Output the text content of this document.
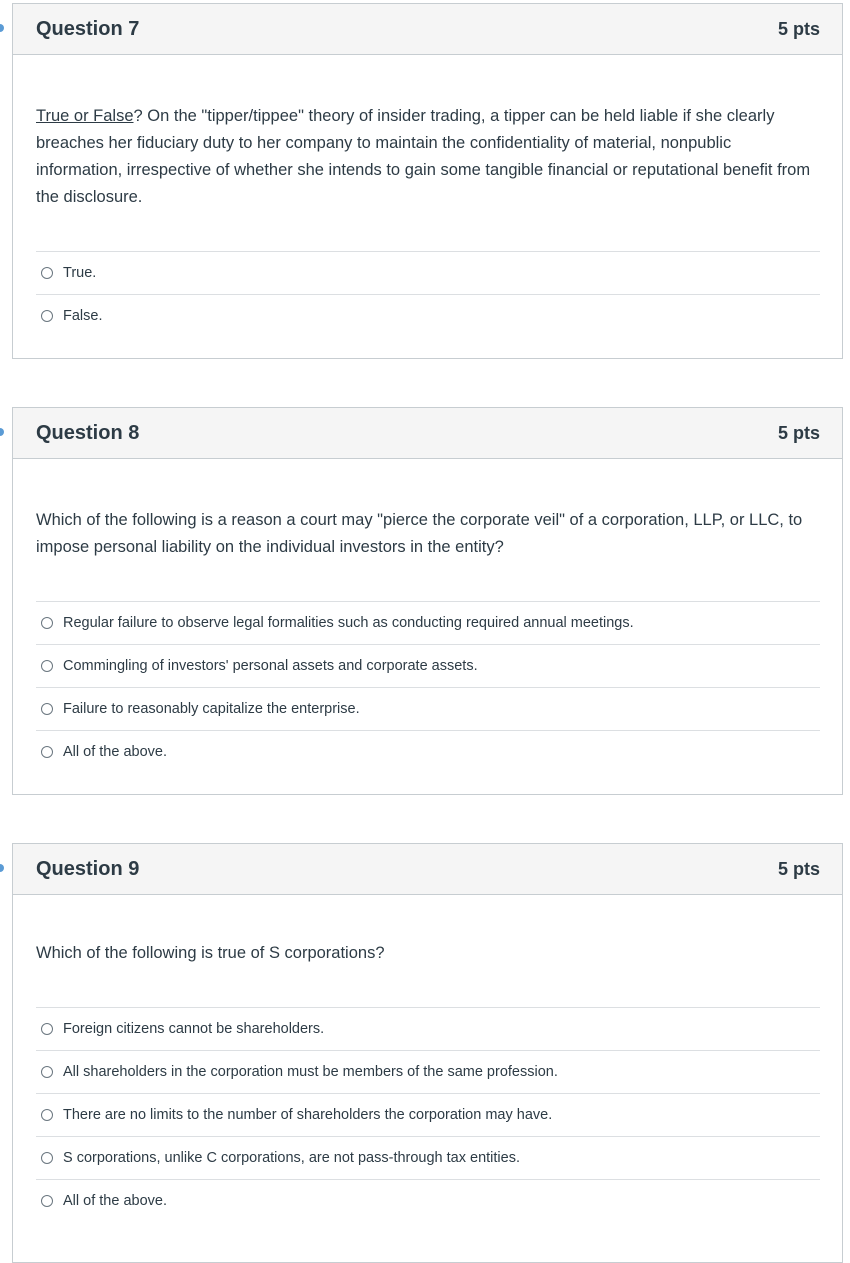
Question 7	5 pts
True or False? On the "tipper/tippee" theory of insider trading, a tipper can be held liable if she clearly breaches her fiduciary duty to her company to maintain the confidentiality of material, nonpublic information, irrespective of whether she intends to gain some tangible financial or reputational benefit from the disclosure.
True.
False.
Question 8	5 pts
Which of the following is a reason a court may "pierce the corporate veil" of a corporation, LLP, or LLC, to impose personal liability on the individual investors in the entity?
Regular failure to observe legal formalities such as conducting required annual meetings.
Commingling of investors' personal assets and corporate assets.
Failure to reasonably capitalize the enterprise.
All of the above.
Question 9	5 pts
Which of the following is true of S corporations?
Foreign citizens cannot be shareholders.
All shareholders in the corporation must be members of the same profession.
There are no limits to the number of shareholders the corporation may have.
S corporations, unlike C corporations, are not pass-through tax entities.
All of the above.
